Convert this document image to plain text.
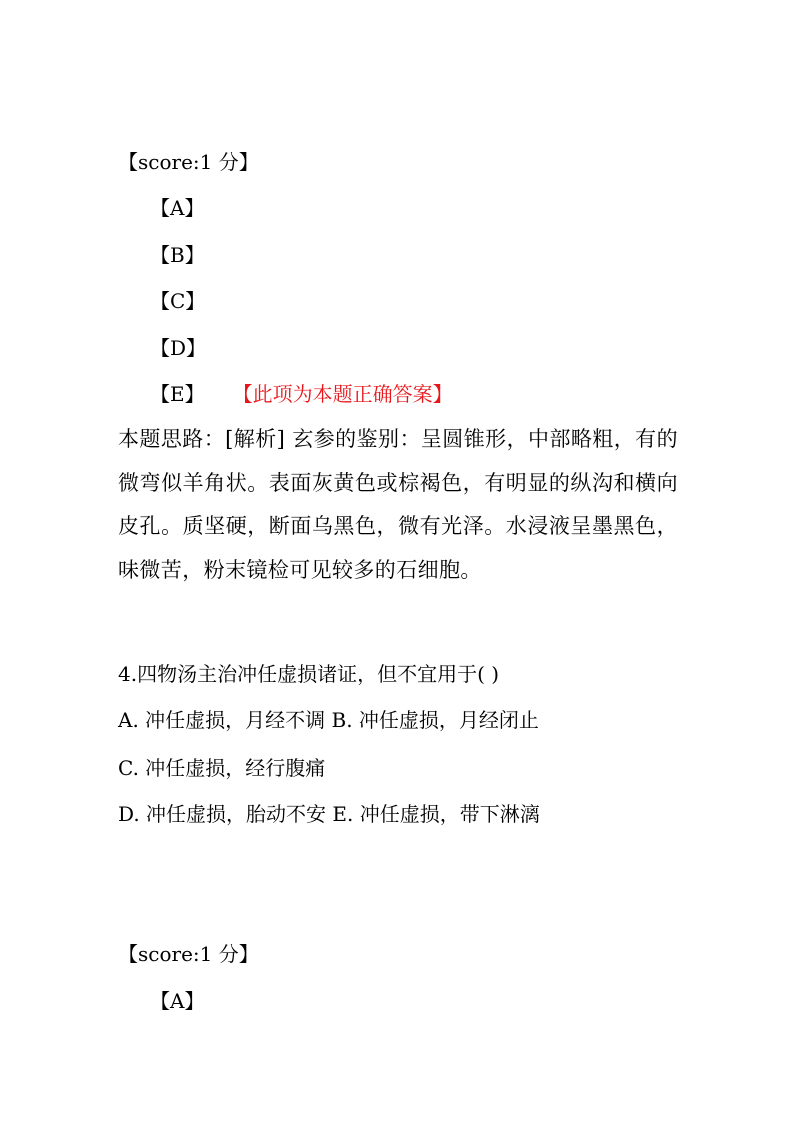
【score:1 分】
【A】
【B】
【C】
【D】
【E】 【此项为本题正确答案】
本题思路：[解析] 玄参的鉴别：呈圆锥形，中部略粗，有的微弯似羊角状。表面灰黄色或棕褐色，有明显的纵沟和横向皮孔。质坚硬，断面乌黑色，微有光泽。水浸液呈墨黑色，味微苦，粉末镜检可见较多的石细胞。
4.四物汤主治冲任虚损诸证，但不宜用于( )
A. 冲任虚损，月经不调 B. 冲任虚损，月经闭止
C. 冲任虚损，经行腹痛
D. 冲任虚损，胎动不安 E. 冲任虚损，带下淋漓
【score:1 分】
【A】
